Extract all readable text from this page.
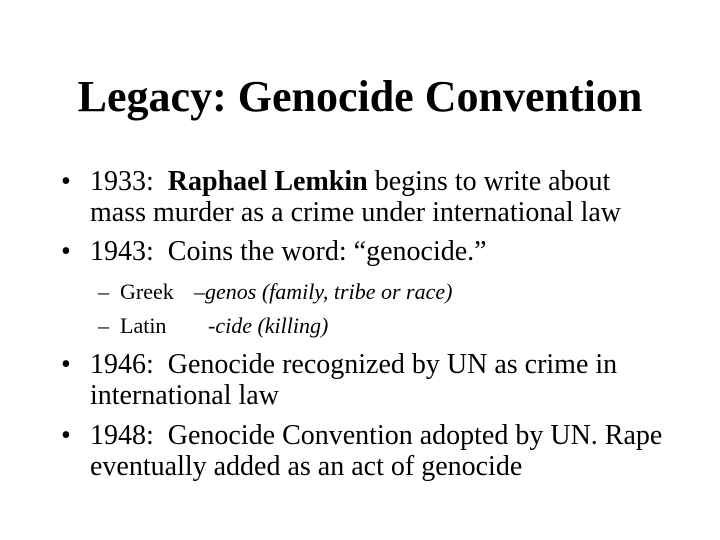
Legacy: Genocide Convention
• 1933:  Raphael Lemkin begins to write about
mass murder as a crime under international law
• 1943:  Coins the word: “genocide.”
– Greek –genos (family, tribe or race)
– Latin -cide (killing)
• 1946:  Genocide recognized by UN as crime in
international law
• 1948:  Genocide Convention adopted by UN. Rape
eventually added as an act of genocide
